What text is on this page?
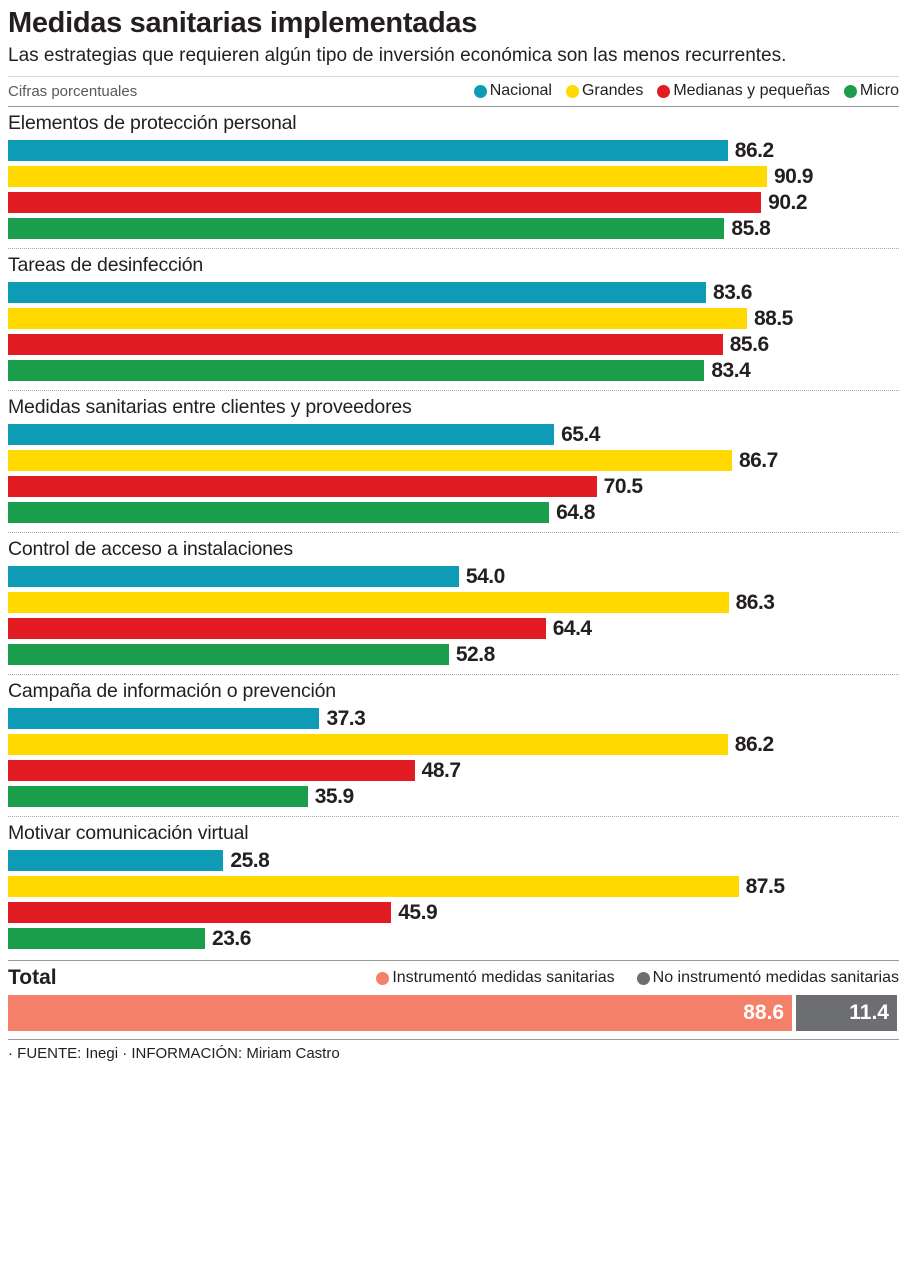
Medidas sanitarias implementadas

Las estrategias que requieren algún tipo de inversión económica son las menos recurrentes.

Cifras porcentuales	Nacional Grandes Medianas y pequeñas Micro
Elementos de protección personal
86.2
90.9
90.2
85.8
Tareas de desinfección
83.6
88.5
85.6
83.4
Medidas sanitarias entre clientes y proveedores
65.4
86.7
70.5
64.8
Control de acceso a instalaciones
54.0
86.3
64.4
52.8
Campaña de información o prevención
37.3
86.2
48.7
35.9
Motivar comunicación virtual
25.8
87.5
45.9
23.6
Total	Instrumentó medidas sanitarias No instrumentó medidas sanitarias
88.6	11.4
· FUENTE: Inegi · INFORMACIÓN: Miriam Castro
